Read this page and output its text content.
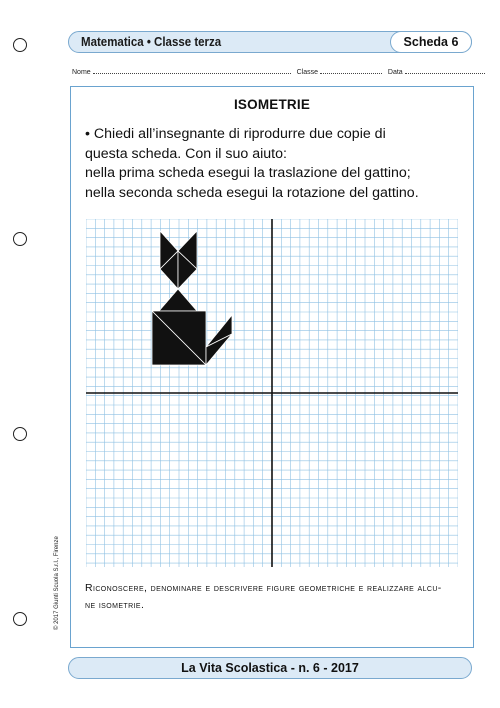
Matematica • Classe terza	Scheda 6
Nome	Classe	Data
ISOMETRIE
• Chiedi all’insegnante di riprodurre due copie di
questa scheda. Con il suo aiuto:
nella prima scheda esegui la traslazione del gattino;
nella seconda scheda esegui la rotazione del gattino.
Riconoscere, denominare e descrivere figure geometriche e realizzare alcu-
ne isometrie.
© 2017 Giunti Scuola S.r.l., Firenze
La Vita Scolastica - n. 6 - 2017
